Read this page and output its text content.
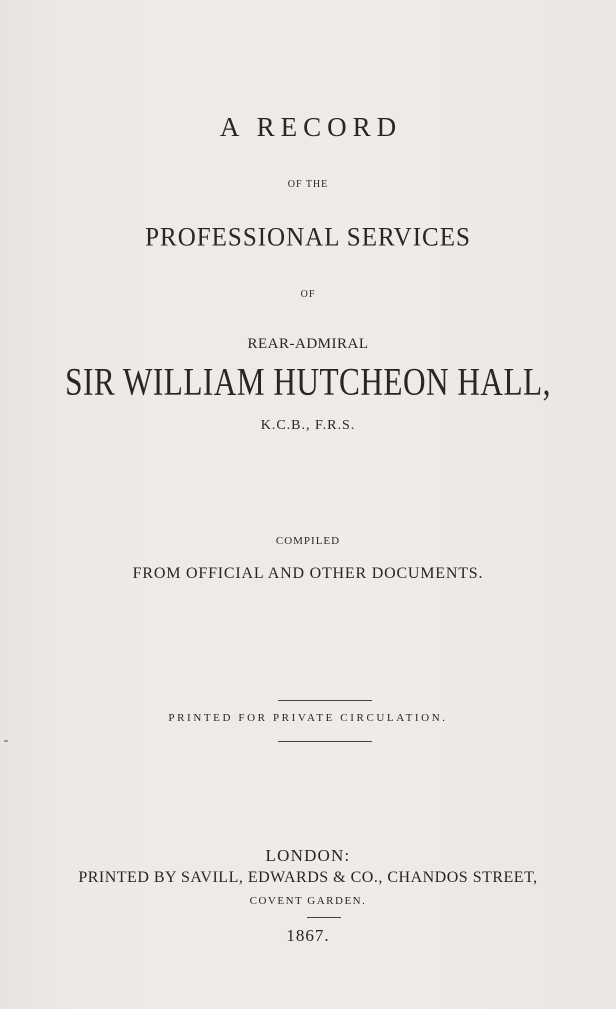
A RECORD
OF THE
PROFESSIONAL SERVICES
OF
REAR-ADMIRAL
SIR WILLIAM HUTCHEON HALL,
K.C.B., F.R.S.
COMPILED
FROM OFFICIAL AND OTHER DOCUMENTS.
PRINTED FOR PRIVATE CIRCULATION.
LONDON:
PRINTED BY SAVILL, EDWARDS & CO., CHANDOS STREET,
COVENT GARDEN.
1867.
